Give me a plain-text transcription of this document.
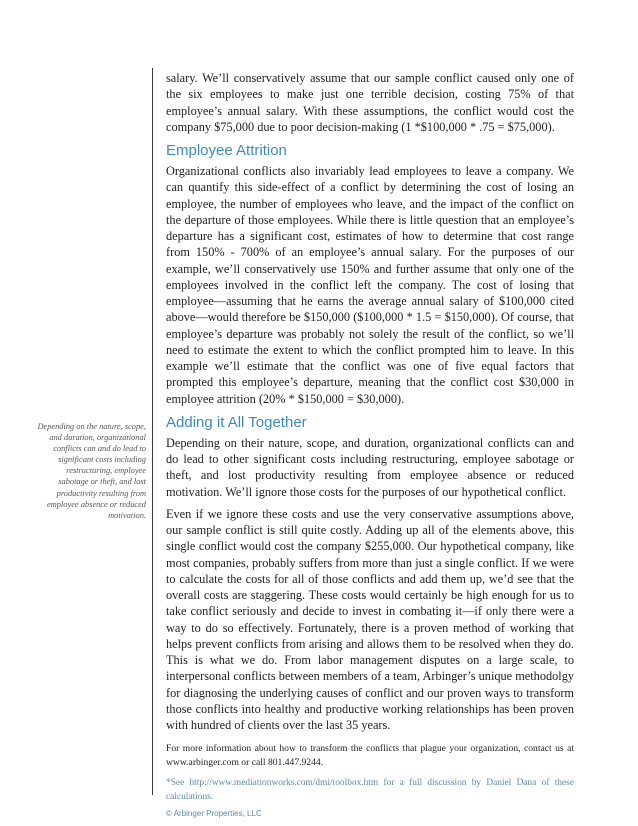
Depending on the nature, scope, and duration, organizational conflicts can and do lead to significant costs including restructuring, employee sabotage or theft, and lost productivity resulting from employee absence or reduced motivation.

salary. We’ll conservatively assume that our sample conflict caused only one of the six employees to make just one terrible decision, costing 75% of that employee’s annual salary. With these assumptions, the conflict would cost the company $75,000 due to poor decision-making (1 *$100,000 * .75 = $75,000).

Employee Attrition

Organizational conflicts also invariably lead employees to leave a company. We can quantify this side-effect of a conflict by determining the cost of losing an employee, the number of employees who leave, and the impact of the conflict on the departure of those employees. While there is little question that an employee’s departure has a significant cost, estimates of how to determine that cost range from 150% - 700% of an employee’s annual salary. For the purposes of our example, we’ll conservatively use 150% and further assume that only one of the employees involved in the conflict left the company. The cost of losing that employee—assuming that he earns the average annual salary of $100,000 cited above—would therefore be $150,000 ($100,000 * 1.5 = $150,000). Of course, that employee’s departure was probably not solely the result of the conflict, so we’ll need to estimate the extent to which the conflict prompted him to leave. In this example we’ll estimate that the conflict was one of five equal factors that prompted this employee’s departure, meaning that the conflict cost $30,000 in employee attrition (20% * $150,000 = $30,000).

Adding it All Together

Depending on their nature, scope, and duration, organizational conflicts can and do lead to other significant costs including restructuring, employee sabotage or theft, and lost productivity resulting from employee absence or reduced motivation. We’ll ignore those costs for the purposes of our hypothetical conflict.

Even if we ignore these costs and use the very conservative assumptions above, our sample conflict is still quite costly. Adding up all of the elements above, this single conflict would cost the company $255,000. Our hypothetical company, like most companies, probably suffers from more than just a single conflict. If we were to calculate the costs for all of those conflicts and add them up, we’d see that the overall costs are staggering. These costs would certainly be high enough for us to take conflict seriously and decide to invest in combating it—if only there were a way to do so effectively. Fortunately, there is a proven method of working that helps prevent conflicts from arising and allows them to be resolved when they do. This is what we do. From labor management disputes on a large scale, to interpersonal conflicts between members of a team, Arbinger’s unique methodolgy for diagnosing the underlying causes of conflict and our proven ways to transform those conflicts into healthy and productive working relationships has been proven with hundred of clients over the last 35 years.

For more information about how to transform the conflicts that plague your organization, contact us at www.arbinger.com or call 801.447.9244.

*See http://www.mediationworks.com/dmi/toolbox.htm for a full discussion by Daniel Dana of these calculations.

© Arbinger Properties, LLC
